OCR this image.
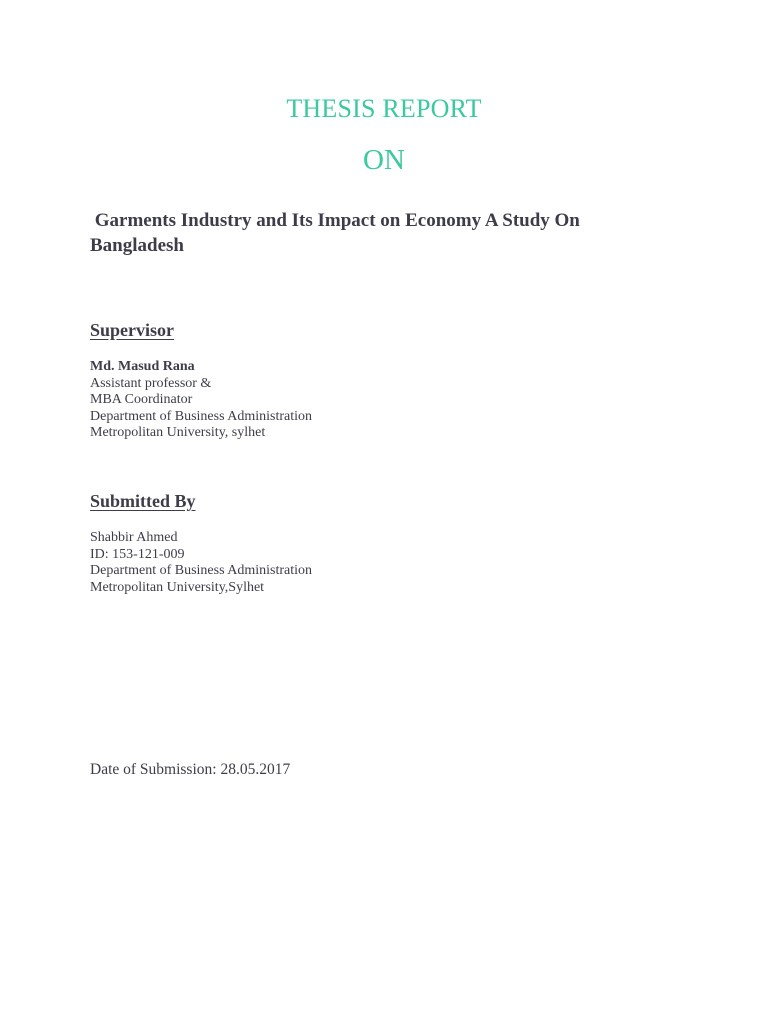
THESIS REPORT
ON
Garments Industry and Its Impact on Economy A Study On
Bangladesh
Supervisor
Md. Masud Rana
Assistant professor &
MBA Coordinator
Department of Business Administration
Metropolitan University, sylhet
Submitted By
Shabbir Ahmed
ID: 153-121-009
Department of Business Administration
Metropolitan University,Sylhet
Date of Submission: 28.05.2017
